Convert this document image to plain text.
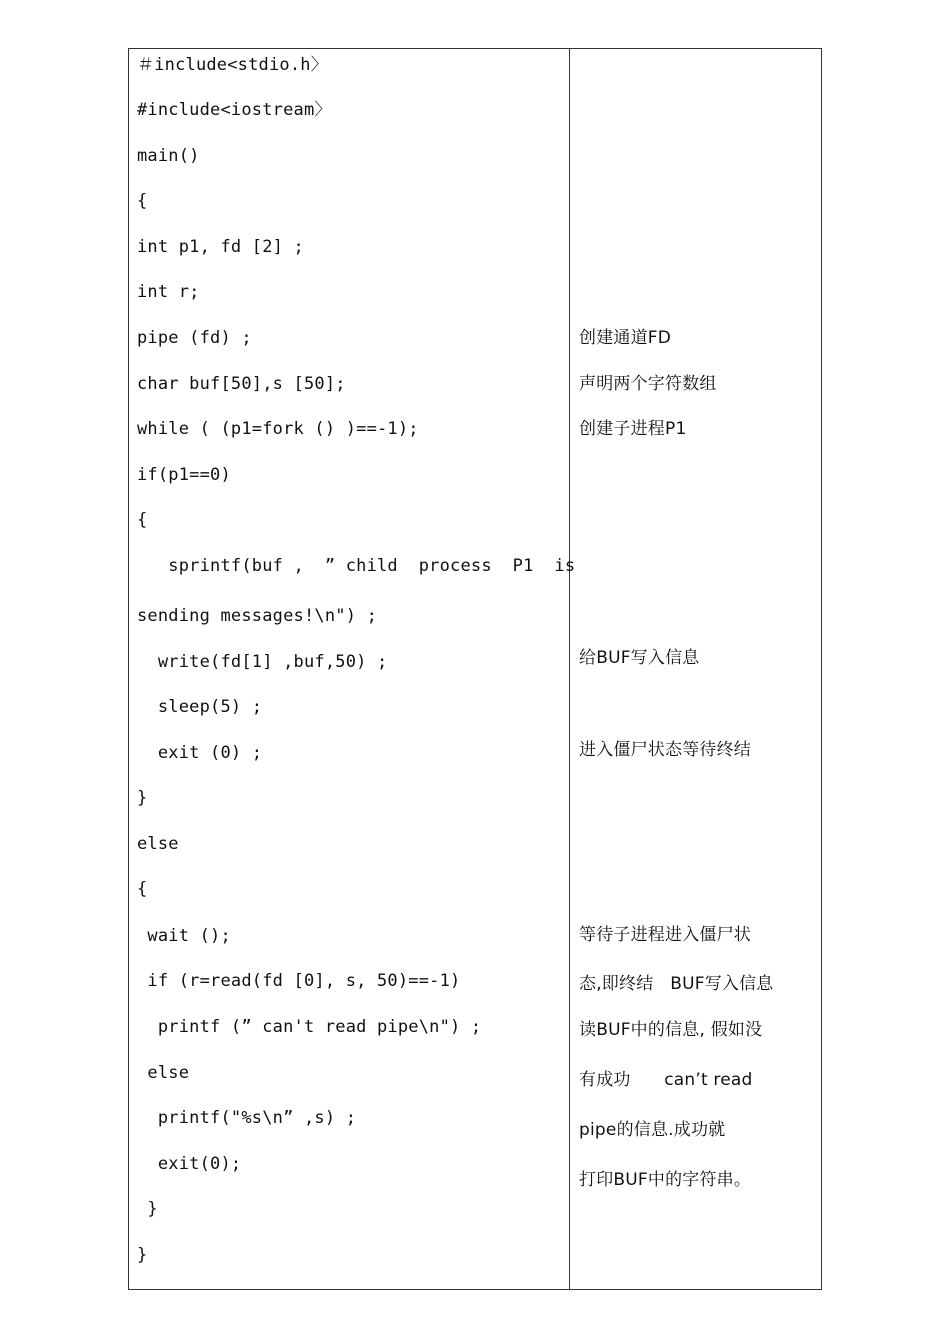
＃include<stdio.h〉
#include<iostream〉
main()
{
int p1, fd [2] ;
int r;
pipe (fd) ;
char buf[50],s [50];
while ( (p1=fork () )==-1);
if(p1==0)
{
sprintf(buf ,  ” child  process  P1  is
sending messages!\n") ;
write(fd[1] ,buf,50) ;
sleep(5) ;
exit (0) ;
}
else
{
wait ();
if (r=read(fd [0], s, 50)==-1)
printf (” can't read pipe\n") ;
else
printf("%s\n” ,s) ;
exit(0);
}
}
创建通道FD
声明两个字符数组
创建子进程P1
给BUF写入信息
进入僵尸状态等待终结
等待子进程进入僵尸状
态,即终结   BUF写入信息
读BUF中的信息, 假如没
有成功      can’t read
pipe的信息.成功就
打印BUF中的字符串。
